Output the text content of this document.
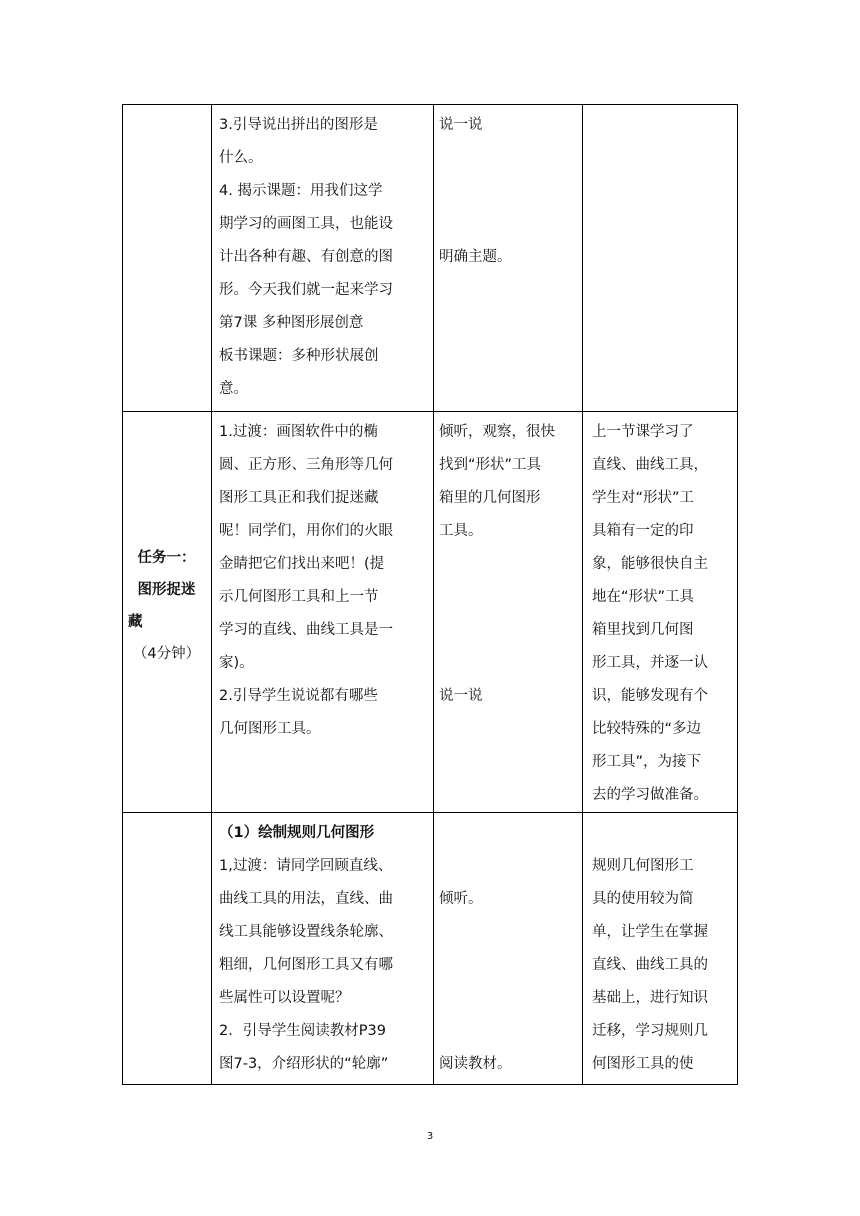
3.引导说出拼出的图形是

什么。

4. 揭示课题：用我们这学

期学习的画图工具，也能设

计出各种有趣、有创意的图

形。今天我们就一起来学习

第7课 多种图形展创意

板书课题：多种形状展创

意。

说一说

明确主题。

任务一：

图形捉迷

藏

（4分钟）

1.过渡：画图软件中的椭

圆、正方形、三角形等几何

图形工具正和我们捉迷藏

呢！同学们，用你们的火眼

金睛把它们找出来吧！(提

示几何图形工具和上一节

学习的直线、曲线工具是一

家)。

2.引导学生说说都有哪些

几何图形工具。

倾听，观察，很快

找到“形状”工具

箱里的几何图形

工具。

说一说

上一节课学习了

直线、曲线工具，

学生对“形状”工

具箱有一定的印

象，能够很快自主

地在“形状”工具

箱里找到几何图

形工具，并逐一认

识，能够发现有个

比较特殊的“多边

形工具”，为接下

去的学习做准备。

（1）绘制规则几何图形

1,过渡：请同学回顾直线、

曲线工具的用法，直线、曲

线工具能够设置线条轮廓、

粗细，几何图形工具又有哪

些属性可以设置呢？

2．引导学生阅读教材P39

图7-3，介绍形状的“轮廓”

倾听。

阅读教材。

规则几何图形工

具的使用较为简

单，让学生在掌握

直线、曲线工具的

基础上，进行知识

迁移，学习规则几

何图形工具的使

3
